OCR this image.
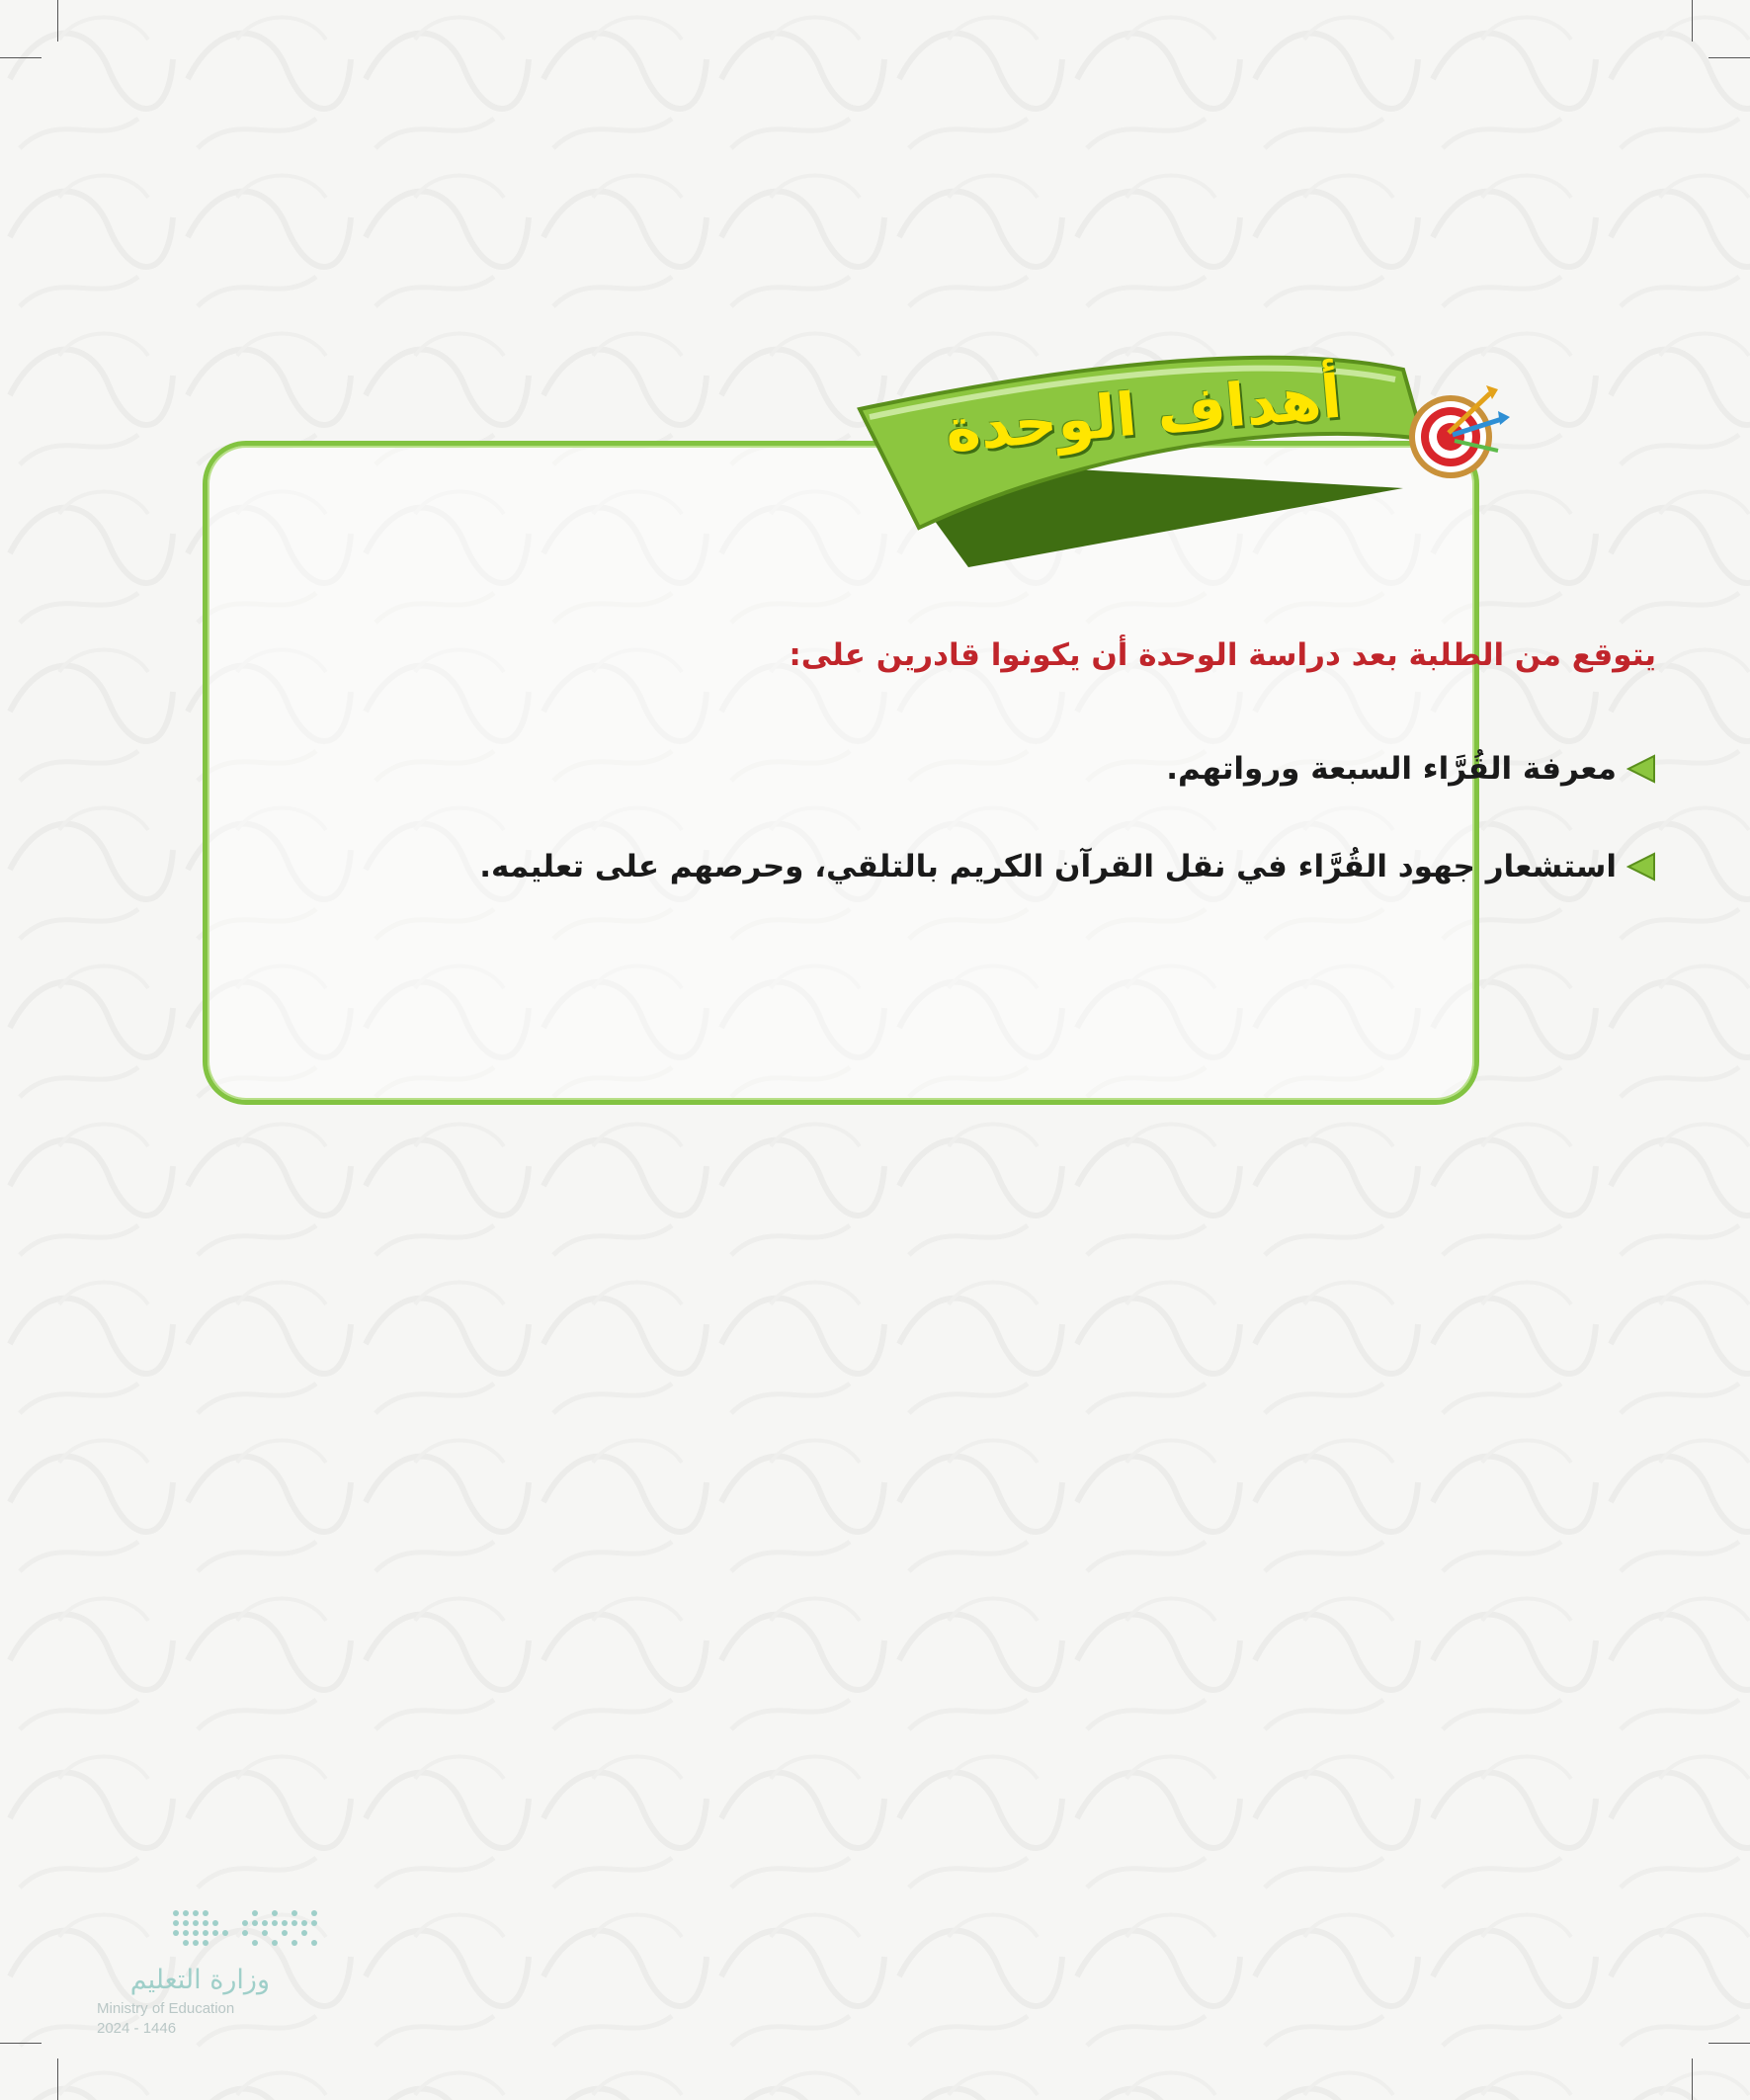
أهداف الوحدة

يتوقع من الطلبة بعد دراسة الوحدة أن يكونوا قادرين على:

معرفة القُرَّاء السبعة ورواتهم.
استشعار جهود القُرَّاء في نقل القرآن الكريم بالتلقي، وحرصهم على تعليمه.
وزارة التعليم
Ministry of Education
2024 - 1446
